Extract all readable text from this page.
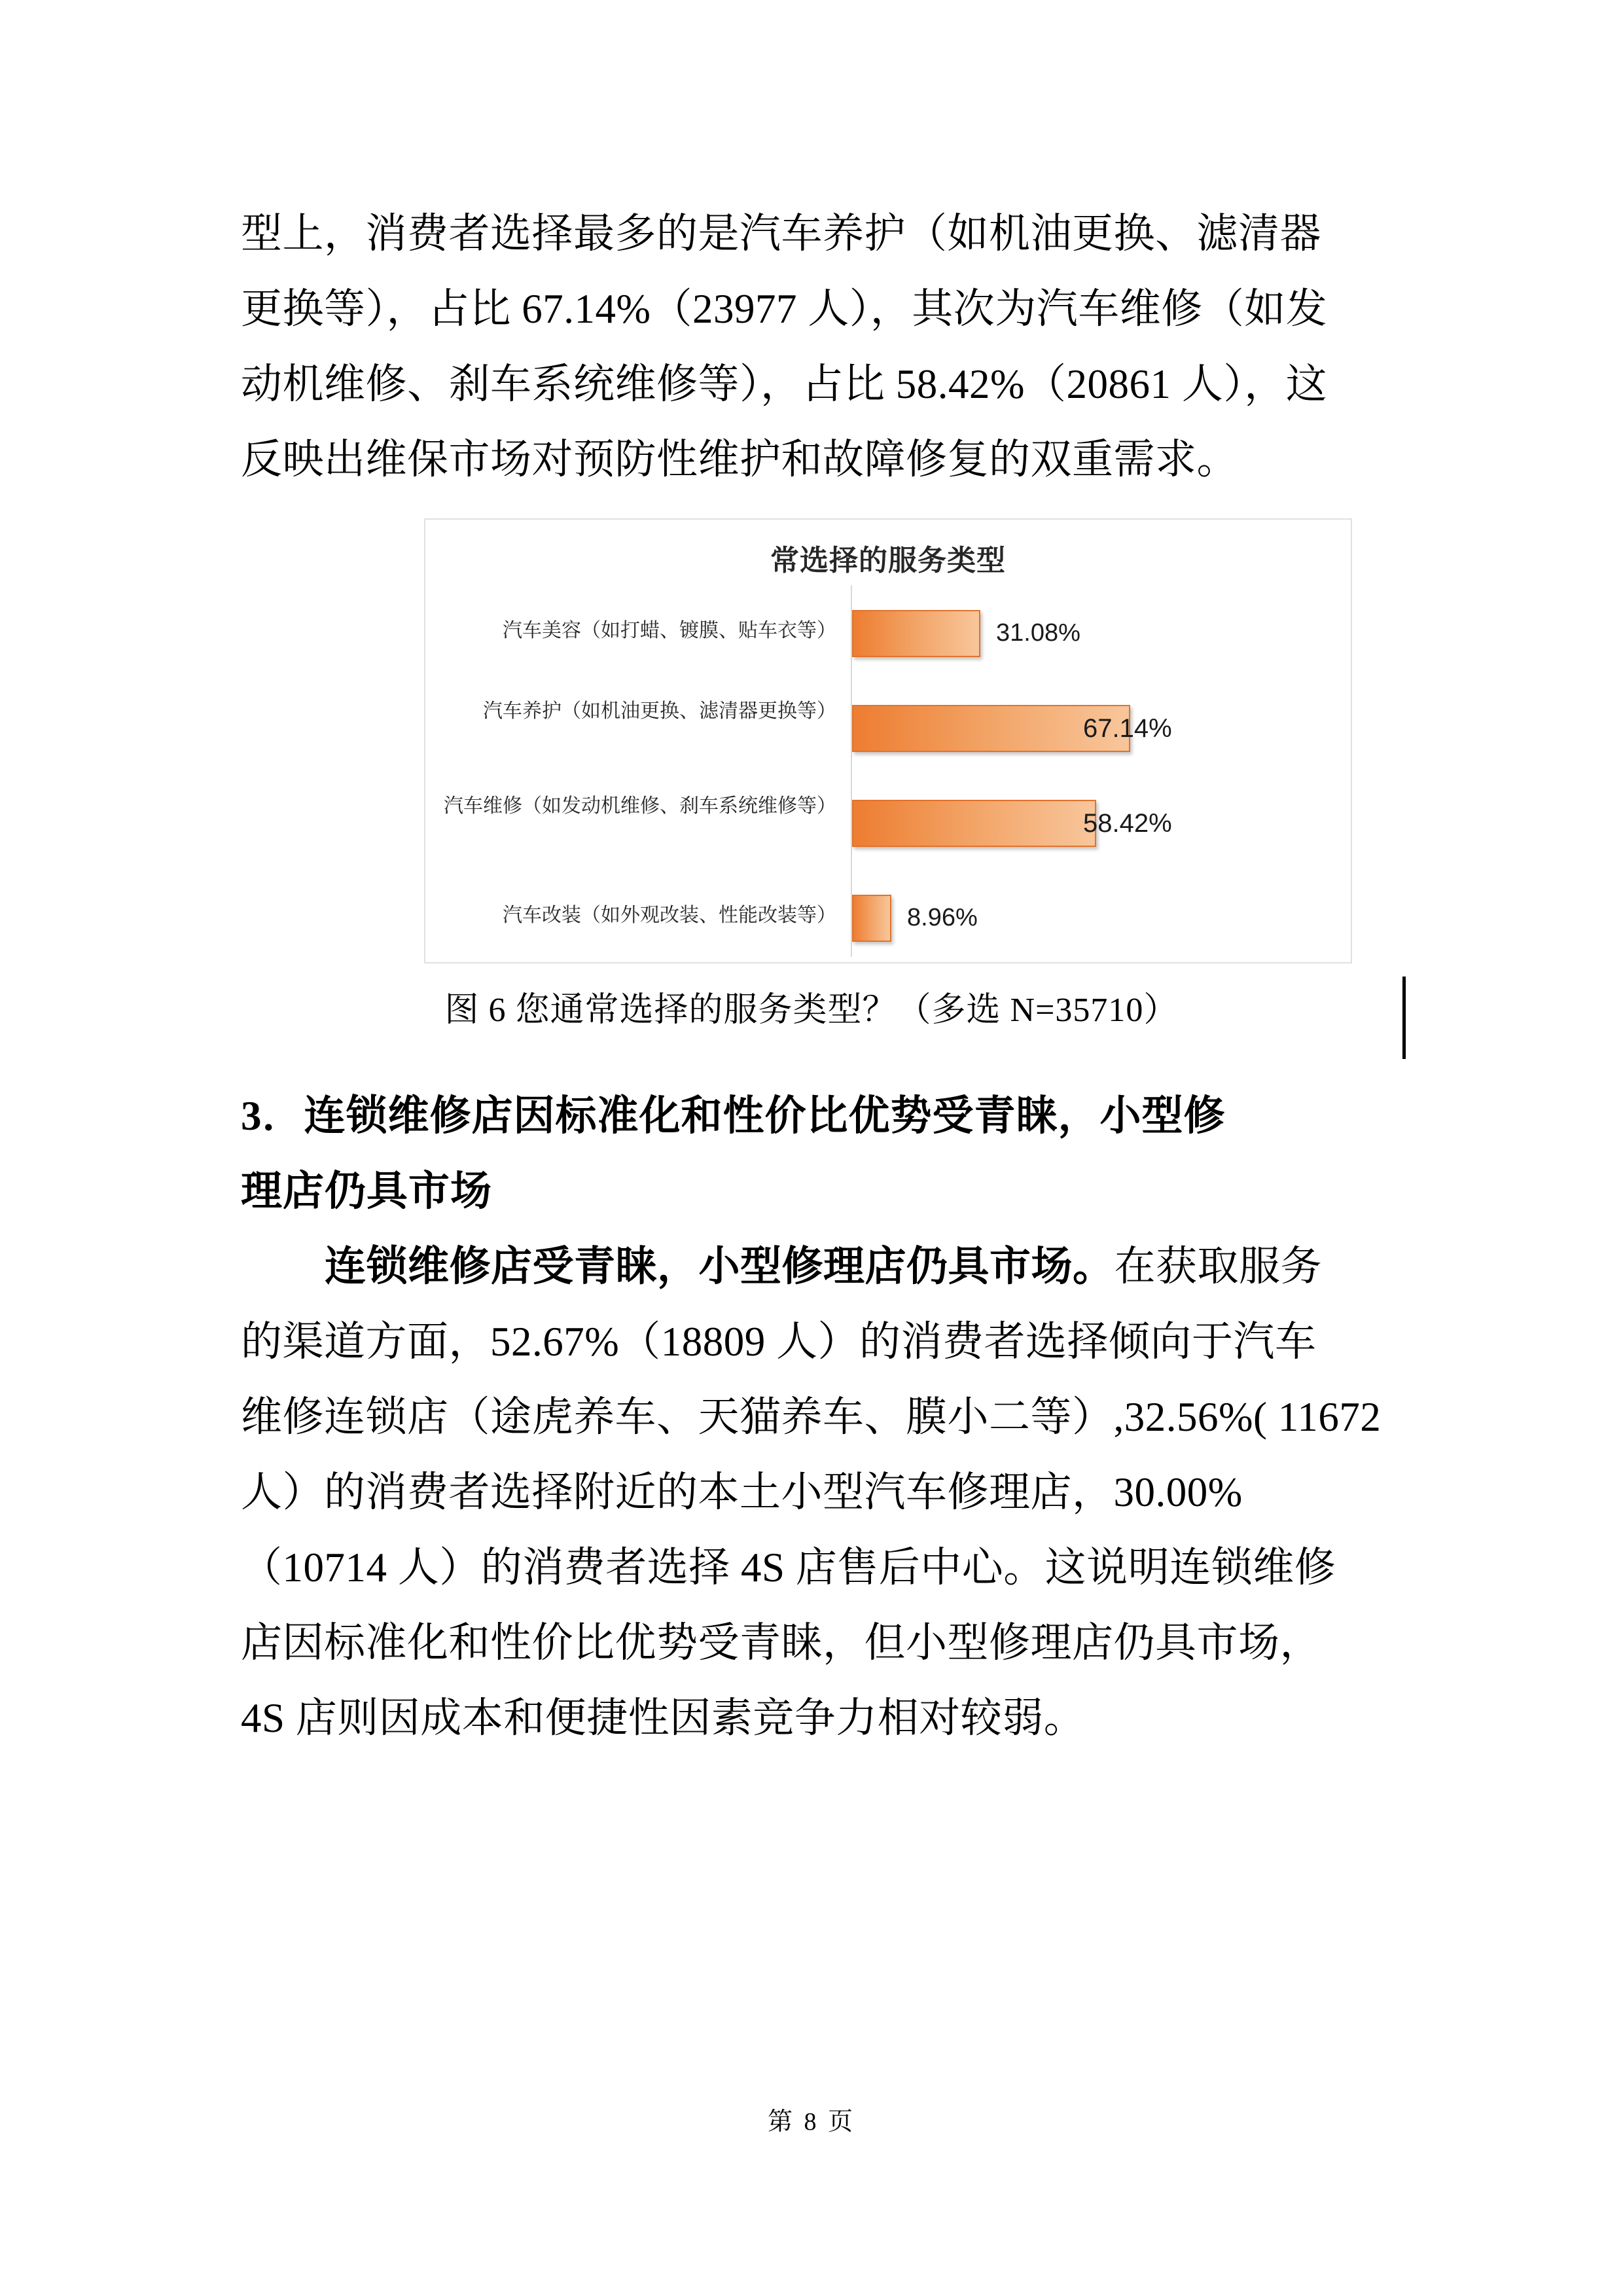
型上，消费者选择最多的是汽车养护（如机油更换、滤清器
更换等），占比 67.14%（23977 人），其次为汽车维修（如发
动机维修、刹车系统维修等），占比 58.42%（20861 人），这
反映出维保市场对预防性维护和故障修复的双重需求。
常选择的服务类型
汽车美容（如打蜡、镀膜、贴车衣等）	31.08%
汽车养护（如机油更换、滤清器更换等）
67.14%
汽车维修（如发动机维修、刹车系统维修等）
58.42%
汽车改装（如外观改装、性能改装等）	8.96%
图 6 您通常选择的服务类型？（多选 N=35710）
3．连锁维修店因标准化和性价比优势受青睐，小型修
理店仍具市场
连锁维修店受青睐，小型修理店仍具市场。在获取服务
的渠道方面，52.67%（18809 人）的消费者选择倾向于汽车
维修连锁店（途虎养车、天猫养车、膜小二等）,32.56%( 11672
人）的消费者选择附近的本土小型汽车修理店，30.00%
（10714 人）的消费者选择 4S 店售后中心。这说明连锁维修
店因标准化和性价比优势受青睐，但小型修理店仍具市场，
4S 店则因成本和便捷性因素竞争力相对较弱。
第 8 页
